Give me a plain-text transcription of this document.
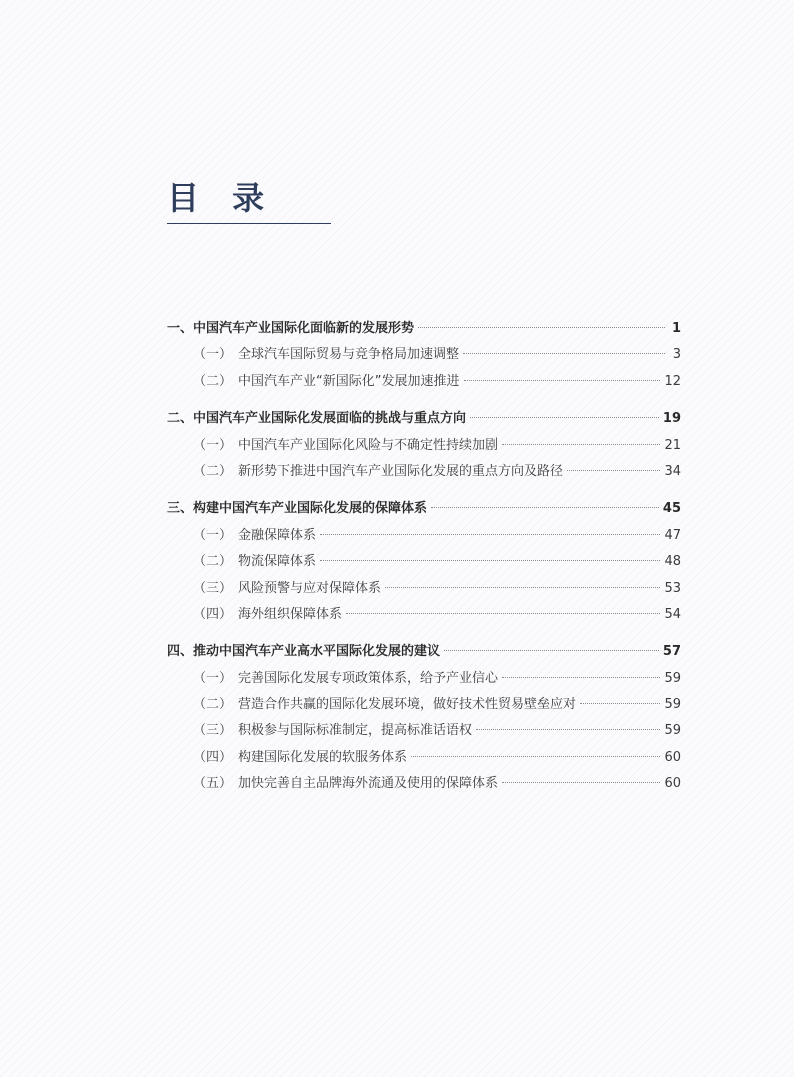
目 录
一、中国汽车产业国际化面临新的发展形势	1
（一） 全球汽车国际贸易与竞争格局加速调整	3
（二） 中国汽车产业“新国际化”发展加速推进	12
二、中国汽车产业国际化发展面临的挑战与重点方向	19
（一） 中国汽车产业国际化风险与不确定性持续加剧	21
（二） 新形势下推进中国汽车产业国际化发展的重点方向及路径	34
三、构建中国汽车产业国际化发展的保障体系	45
（一） 金融保障体系	47
（二） 物流保障体系	48
（三） 风险预警与应对保障体系	53
（四） 海外组织保障体系	54
四、推动中国汽车产业高水平国际化发展的建议	57
（一） 完善国际化发展专项政策体系，给予产业信心	59
（二） 营造合作共赢的国际化发展环境，做好技术性贸易壁垒应对	59
（三） 积极参与国际标准制定，提高标准话语权	59
（四） 构建国际化发展的软服务体系	60
（五） 加快完善自主品牌海外流通及使用的保障体系	60
